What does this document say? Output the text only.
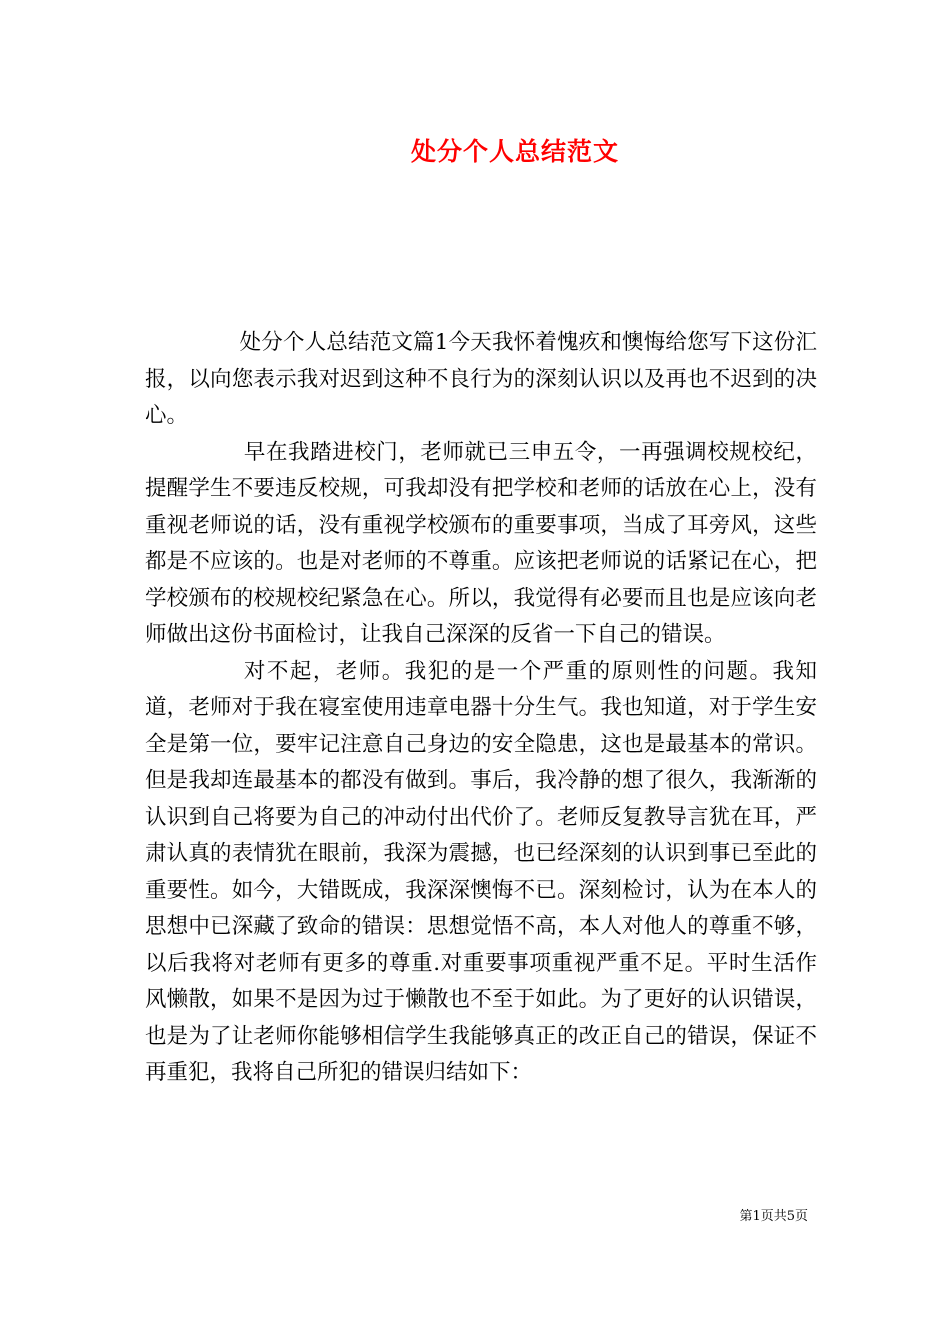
处分个人总结范文

处分个人总结范文篇1今天我怀着愧疚和懊悔给您写下这份汇报，以向您表示我对迟到这种不良行为的深刻认识以及再也不迟到的决心。

早在我踏进校门，老师就已三申五令，一再强调校规校纪，提醒学生不要违反校规，可我却没有把学校和老师的话放在心上，没有重视老师说的话，没有重视学校颁布的重要事项，当成了耳旁风，这些都是不应该的。也是对老师的不尊重。应该把老师说的话紧记在心，把学校颁布的校规校纪紧急在心。所以，我觉得有必要而且也是应该向老师做出这份书面检讨，让我自己深深的反省一下自己的错误。

对不起，老师。我犯的是一个严重的原则性的问题。我知道，老师对于我在寝室使用违章电器十分生气。我也知道，对于学生安全是第一位，要牢记注意自己身边的安全隐患，这也是最基本的常识。但是我却连最基本的都没有做到。事后，我冷静的想了很久，我渐渐的认识到自己将要为自己的冲动付出代价了。老师反复教导言犹在耳，严肃认真的表情犹在眼前，我深为震撼，也已经深刻的认识到事已至此的重要性。如今，大错既成，我深深懊悔不已。深刻检讨，认为在本人的思想中已深藏了致命的错误：思想觉悟不高，本人对他人的尊重不够，以后我将对老师有更多的尊重.对重要事项重视严重不足。平时生活作风懒散，如果不是因为过于懒散也不至于如此。为了更好的认识错误，也是为了让老师你能够相信学生我能够真正的改正自己的错误，保证不再重犯，我将自己所犯的错误归结如下：

第1页共5页
